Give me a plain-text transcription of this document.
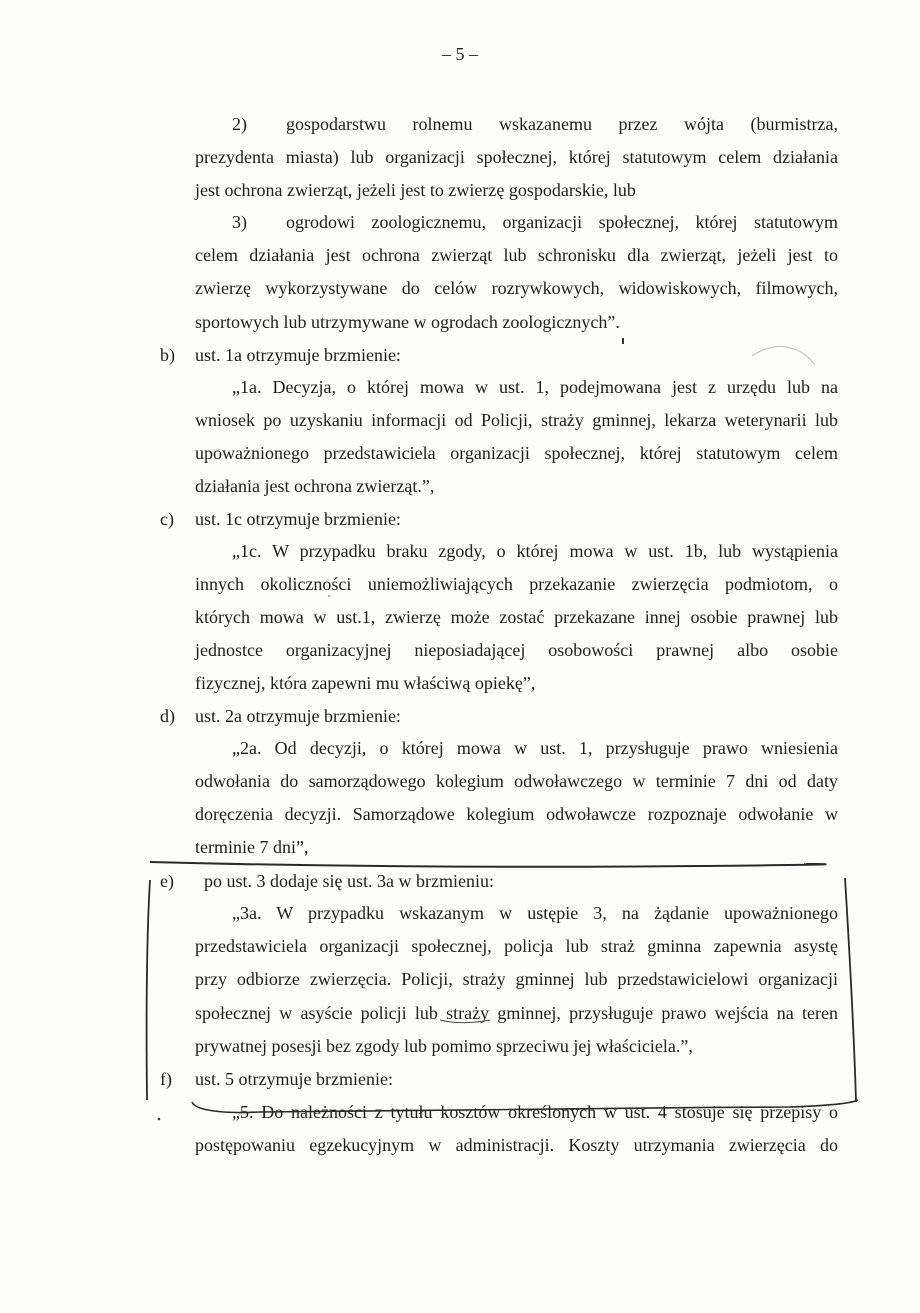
– 5 –
2) gospodarstwu rolnemu wskazanemu przez wójta (burmistrza,
prezydenta miasta) lub organizacji społecznej, której statutowym celem działania
jest ochrona zwierząt, jeżeli jest to zwierzę gospodarskie, lub
3) ogrodowi zoologicznemu, organizacji społecznej, której statutowym
celem działania jest ochrona zwierząt lub schronisku dla zwierząt, jeżeli jest to
zwierzę wykorzystywane do celów rozrywkowych, widowiskowych, filmowych,
sportowych lub utrzymywane w ogrodach zoologicznych”.
b) ust. 1a otrzymuje brzmienie:
„1a. Decyzja, o której mowa w ust. 1, podejmowana jest z urzędu lub na
wniosek po uzyskaniu informacji od Policji, straży gminnej, lekarza weterynarii lub
upoważnionego przedstawiciela organizacji społecznej, której statutowym celem
działania jest ochrona zwierząt.”,
c) ust. 1c otrzymuje brzmienie:
„1c. W przypadku braku zgody, o której mowa w ust. 1b, lub wystąpienia
innych okoliczności uniemożliwiających przekazanie zwierzęcia podmiotom, o
których mowa w ust.1, zwierzę może zostać przekazane innej osobie prawnej lub
jednostce organizacyjnej nieposiadającej osobowości prawnej albo osobie
fizycznej, która zapewni mu właściwą opiekę”,
d) ust. 2a otrzymuje brzmienie:
„2a. Od decyzji, o której mowa w ust. 1, przysługuje prawo wniesienia
odwołania do samorządowego kolegium odwoławczego w terminie 7 dni od daty
doręczenia decyzji. Samorządowe kolegium odwoławcze rozpoznaje odwołanie w
terminie 7 dni”,
e) po ust. 3 dodaje się ust. 3a w brzmieniu:
„3a. W przypadku wskazanym w ustępie 3, na żądanie upoważnionego
przedstawiciela organizacji społecznej, policja lub straż gminna zapewnia asystę
przy odbiorze zwierzęcia. Policji, straży gminnej lub przedstawicielowi organizacji
społecznej w asyście policji lub straży gminnej, przysługuje prawo wejścia na teren
prywatnej posesji bez zgody lub pomimo sprzeciwu jej właściciela.”,
f) ust. 5 otrzymuje brzmienie:
„5. Do należności z tytułu kosztów określonych w ust. 4 stosuje się przepisy o
postępowaniu egzekucyjnym w administracji. Koszty utrzymania zwierzęcia do
